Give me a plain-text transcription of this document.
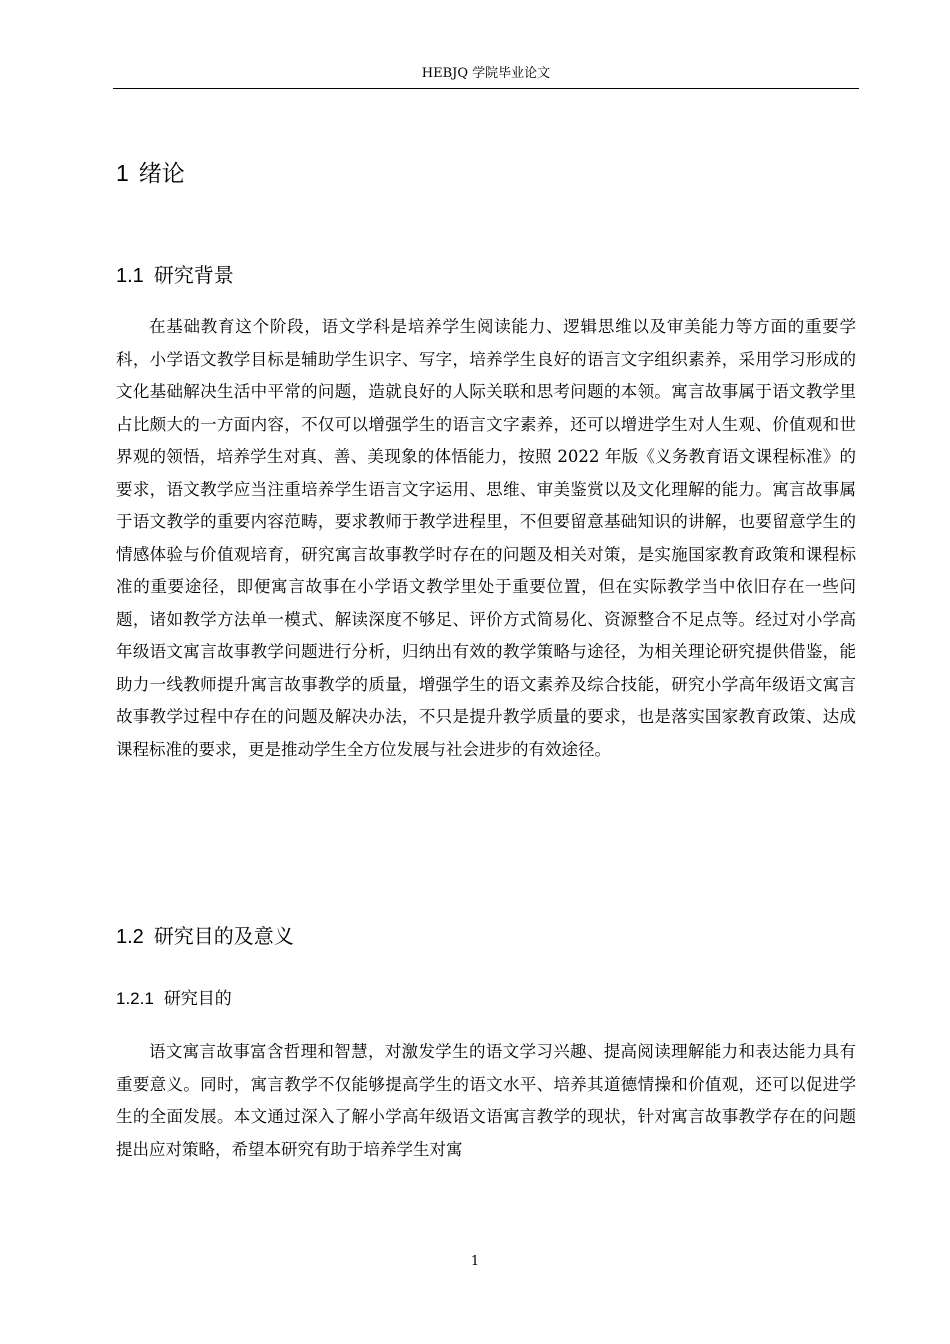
HEBJQ 学院毕业论文
1 绪论
1.1 研究背景

在基础教育这个阶段，语文学科是培养学生阅读能力、逻辑思维以及审美能力等方面的重要学科，小学语文教学目标是辅助学生识字、写字，培养学生良好的语言文字组织素养，采用学习形成的文化基础解决生活中平常的问题，造就良好的人际关联和思考问题的本领。寓言故事属于语文教学里占比颇大的一方面内容，不仅可以增强学生的语言文字素养，还可以增进学生对人生观、价值观和世界观的领悟，培养学生对真、善、美现象的体悟能力，按照 2022 年版《义务教育语文课程标准》的要求，语文教学应当注重培养学生语言文字运用、思维、审美鉴赏以及文化理解的能力。寓言故事属于语文教学的重要内容范畴，要求教师于教学进程里，不但要留意基础知识的讲解，也要留意学生的情感体验与价值观培育，研究寓言故事教学时存在的问题及相关对策，是实施国家教育政策和课程标准的重要途径，即便寓言故事在小学语文教学里处于重要位置，但在实际教学当中依旧存在一些问题，诸如教学方法单一模式、解读深度不够足、评价方式简易化、资源整合不足点等。经过对小学高年级语文寓言故事教学问题进行分析，归纳出有效的教学策略与途径，为相关理论研究提供借鉴，能助力一线教师提升寓言故事教学的质量，增强学生的语文素养及综合技能，研究小学高年级语文寓言故事教学过程中存在的问题及解决办法，不只是提升教学质量的要求，也是落实国家教育政策、达成课程标准的要求，更是推动学生全方位发展与社会进步的有效途径。

1.2 研究目的及意义
1.2.1 研究目的

语文寓言故事富含哲理和智慧，对激发学生的语文学习兴趣、提高阅读理解能力和表达能力具有重要意义。同时，寓言教学不仅能够提高学生的语文水平、培养其道德情操和价值观，还可以促进学生的全面发展。本文通过深入了解小学高年级语文语寓言教学的现状，针对寓言故事教学存在的问题提出应对策略，希望本研究有助于培养学生对寓

1
